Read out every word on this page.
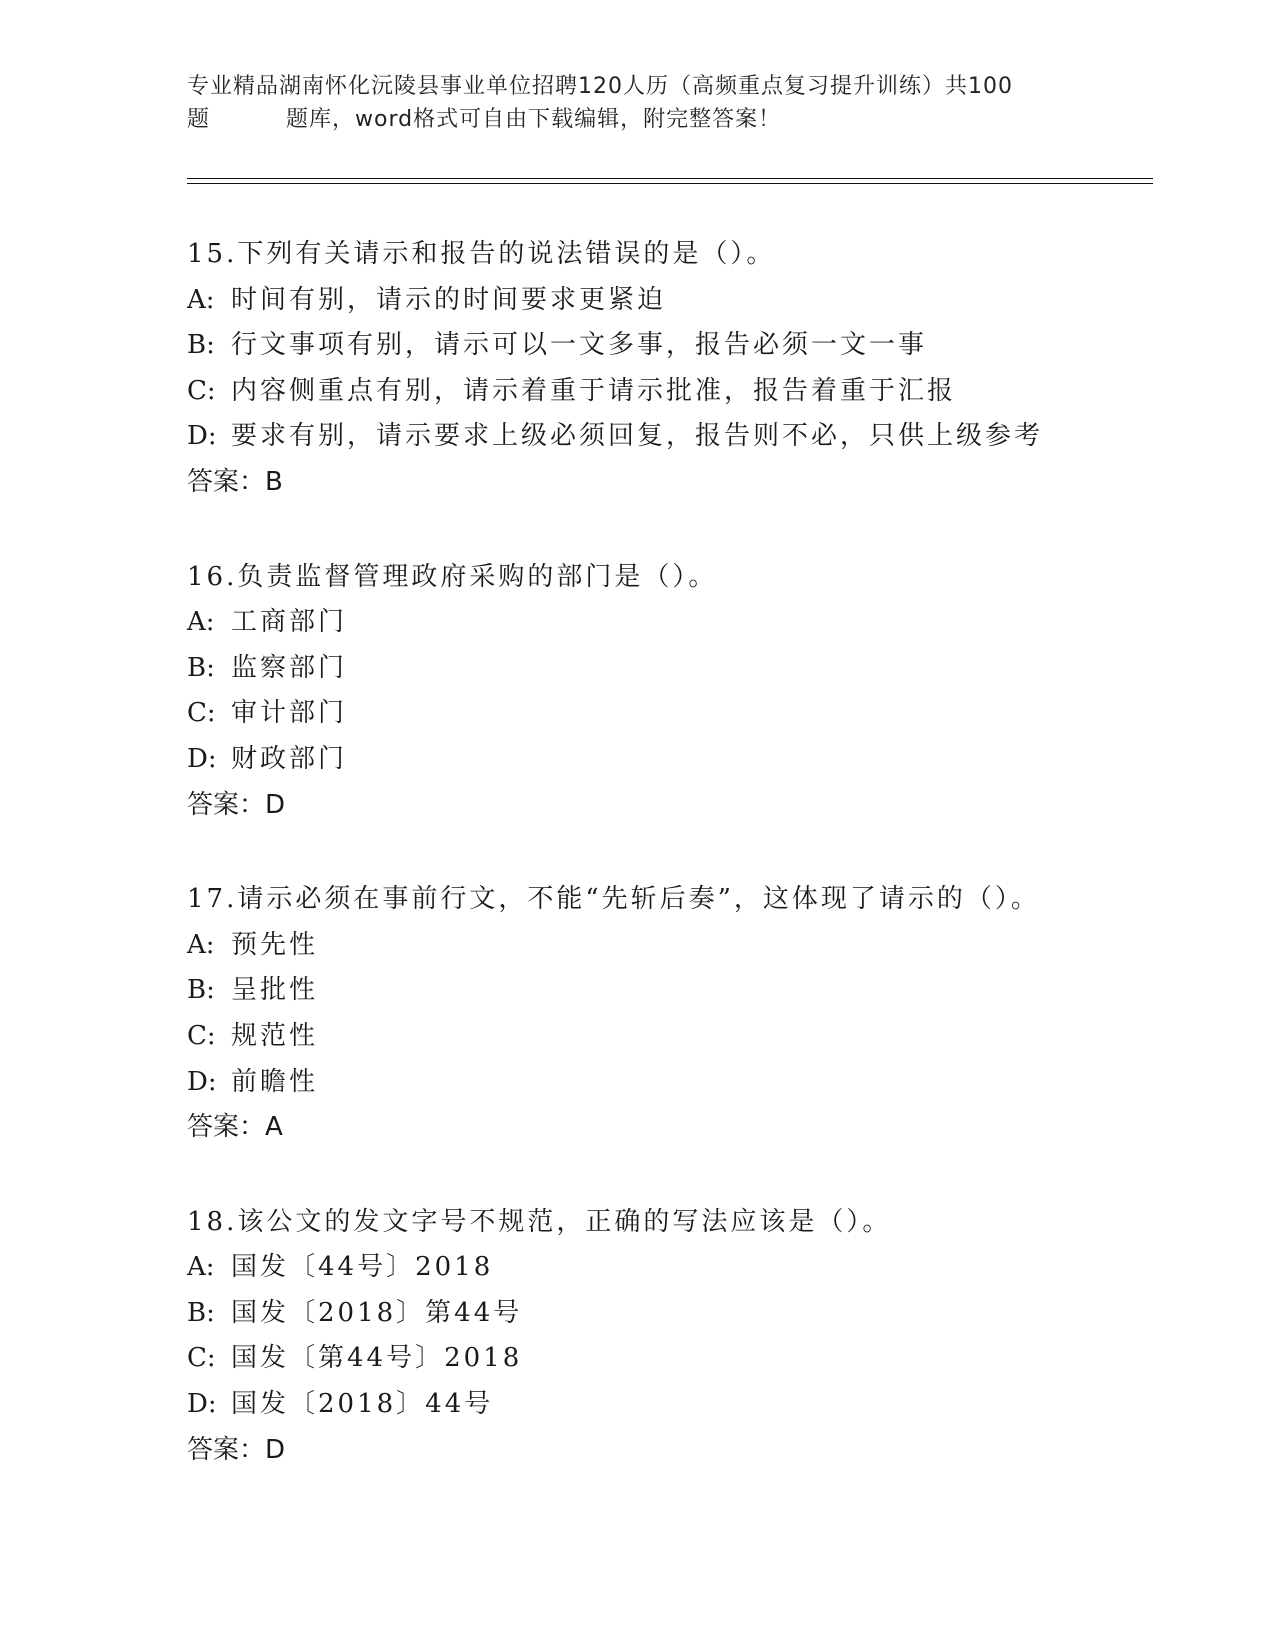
专业精品湖南怀化沅陵县事业单位招聘120人历（高频重点复习提升训练）共100
题	题库，word格式可自由下载编辑，附完整答案！
15.下列有关请示和报告的说法错误的是（）。
A: 时间有别，请示的时间要求更紧迫
B: 行文事项有别，请示可以一文多事，报告必须一文一事
C: 内容侧重点有别，请示着重于请示批准，报告着重于汇报
D: 要求有别，请示要求上级必须回复，报告则不必，只供上级参考
答案：B
16.负责监督管理政府采购的部门是（）。
A: 工商部门
B: 监察部门
C: 审计部门
D: 财政部门
答案：D
17.请示必须在事前行文，不能“先斩后奏”，这体现了请示的（）。
A: 预先性
B: 呈批性
C: 规范性
D: 前瞻性
答案：A
18.该公文的发文字号不规范，正确的写法应该是（）。
A: 国发〔44号〕2018
B: 国发〔2018〕第44号
C: 国发〔第44号〕2018
D: 国发〔2018〕44号
答案：D
